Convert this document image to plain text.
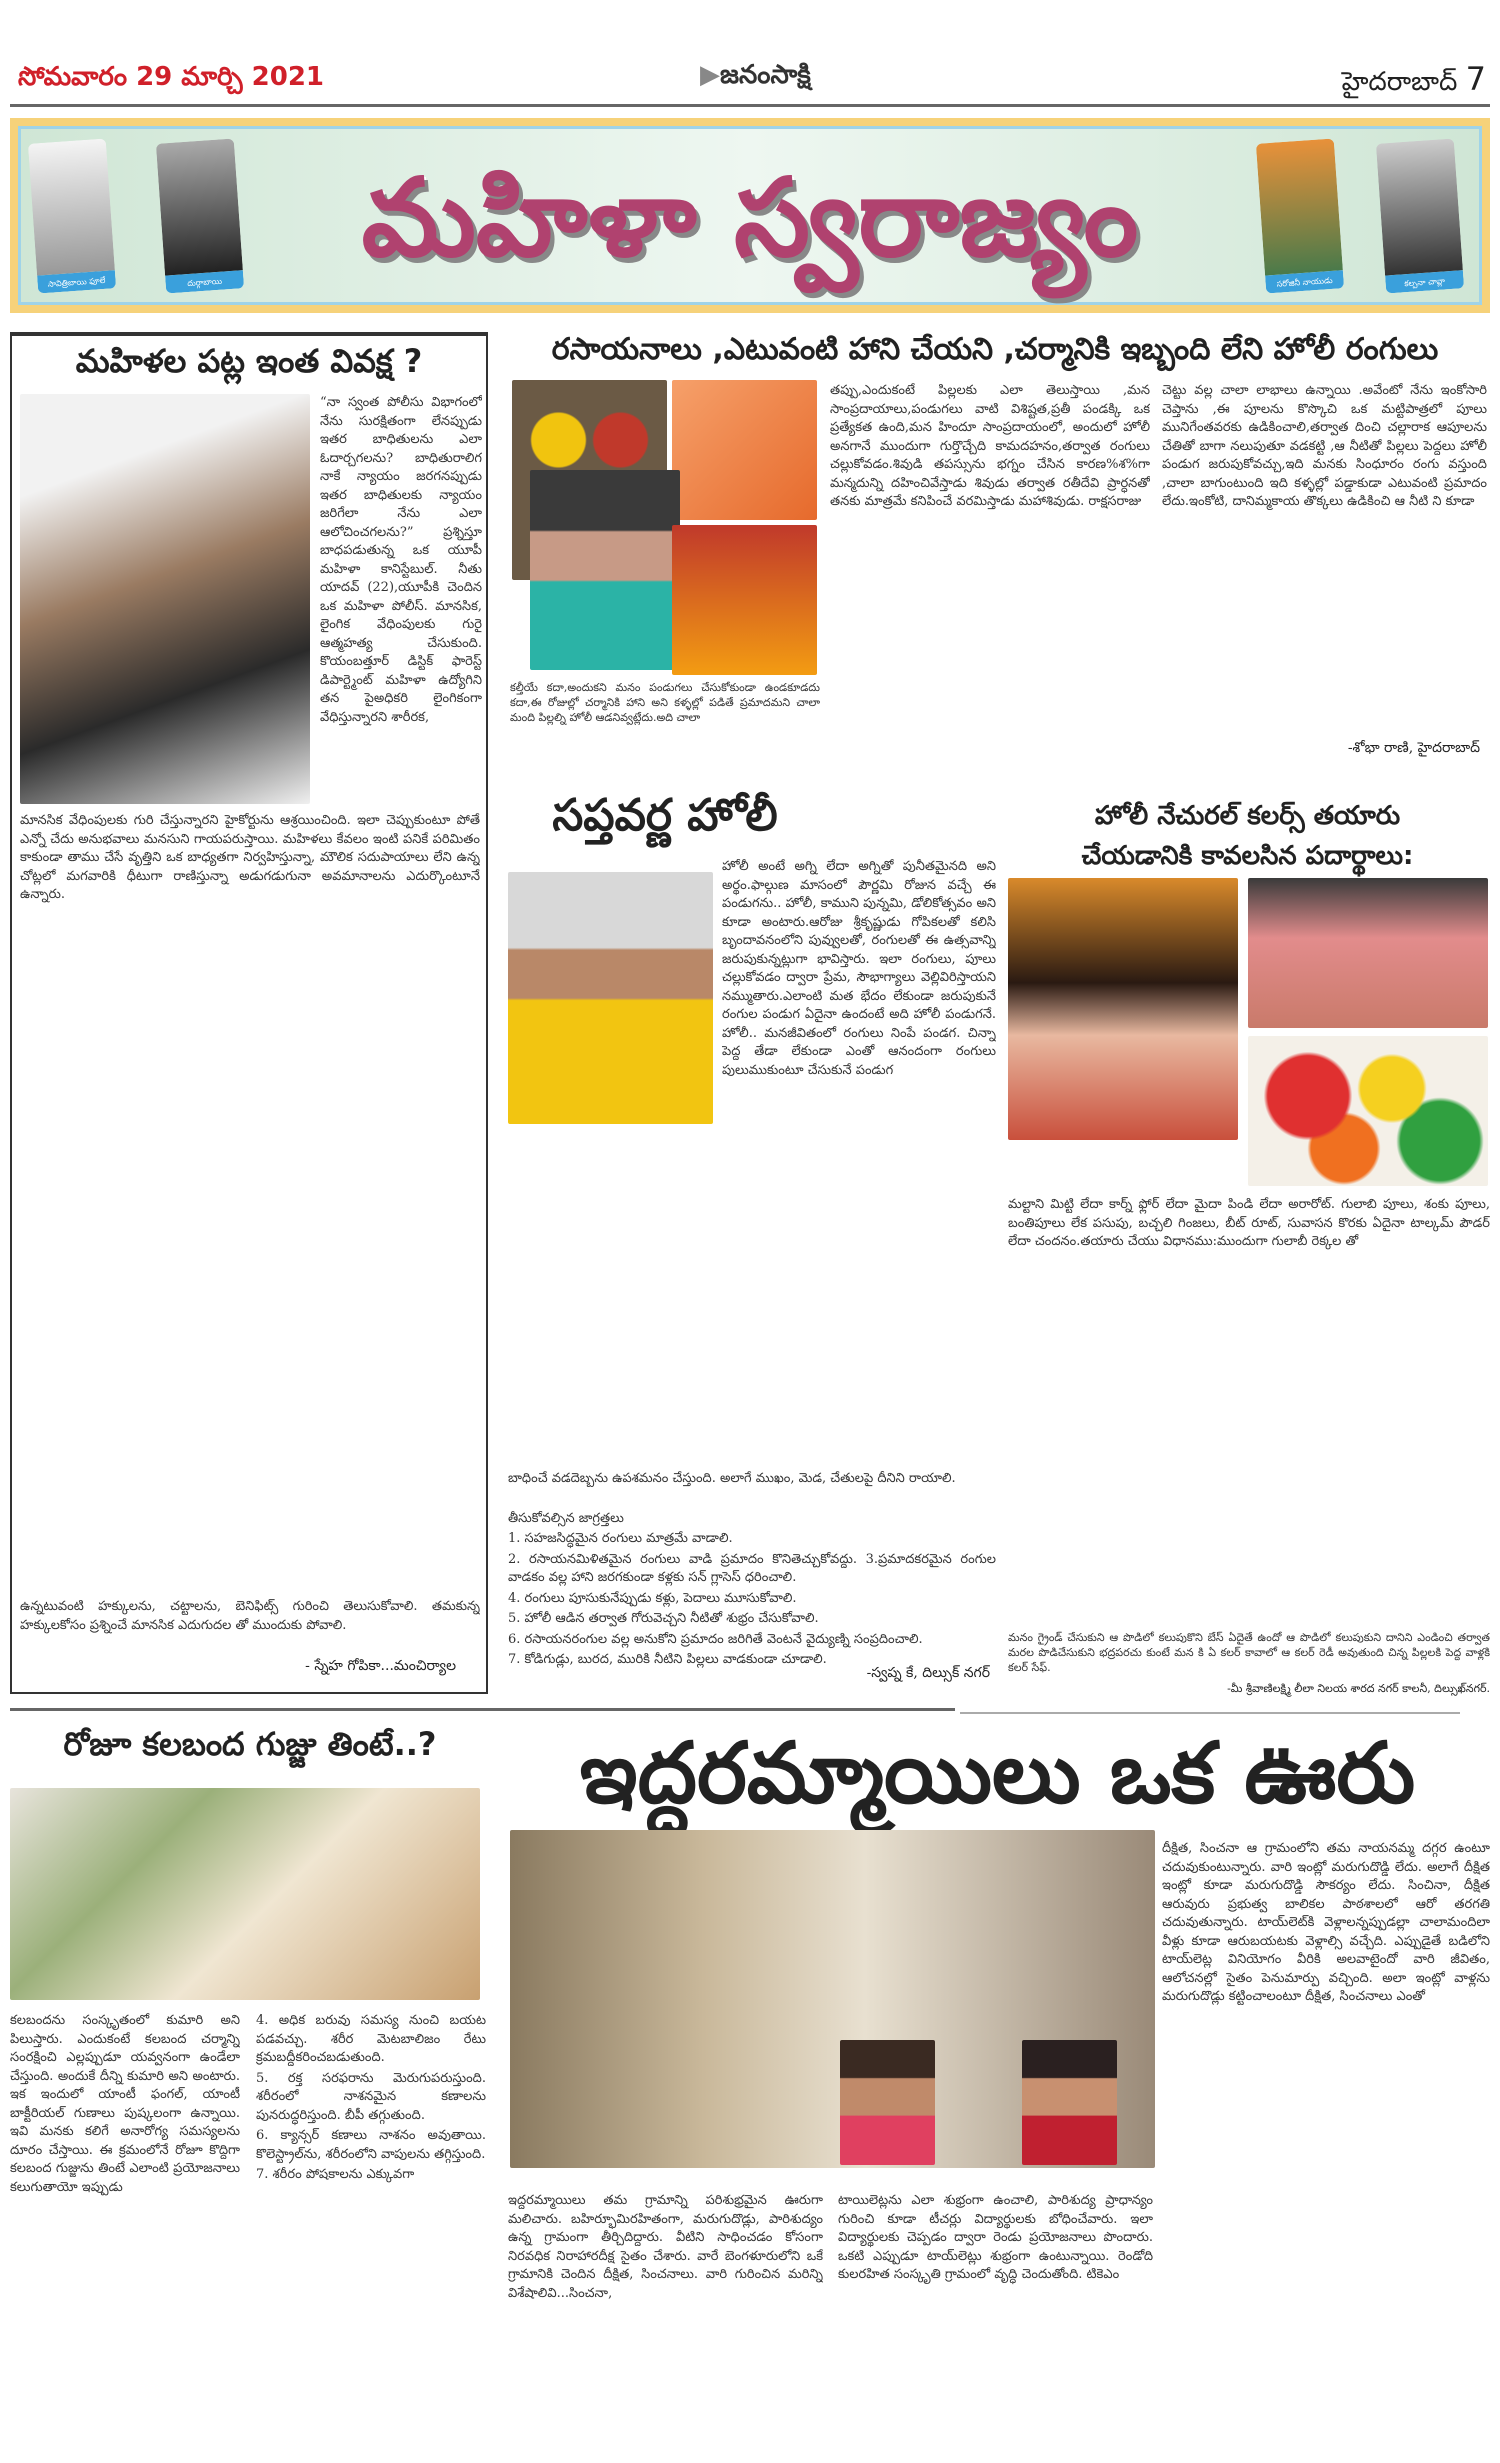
సోమవారం 29 మార్చి 2021	▶జనంసాక్షి	హైదరాబాద్ 7
సావిత్రిబాయి ఫూలే	దుర్గాబాయి
మహిళా స్వరాజ్యం
సరోజినీ నాయుడు	కల్పనా చావ్లా
మహిళల పట్ల ఇంత వివక్ష ?
“నా స్వంత పోలీసు విభాగంలో నేను సురక్షితంగా లేనప్పుడు ఇతర బాధితులను ఎలా ఓదార్చగలను? బాధితురాలిగ నాకే న్యాయం జరగనప్పుడు ఇతర బాధితులకు న్యాయం జరిగేలా నేను ఎలా ఆలోచించగలను?” ప్రశ్నిస్తూ బాధపడుతున్న ఒక యూపీ మహిళా కానిస్టేబుల్. నీతు యాదవ్ (22),యూపీకి చెందిన ఒక మహిళా పోలీస్. మానసిక, లైంగిక వేధింపులకు గురై ఆత్మహత్య చేసుకుంది. కొయంబత్తూర్ డిస్టిక్ ఫారెస్ట్ డిపార్ట్మెంట్ మహిళా ఉద్యోగిని తన పైఅధికరి లైంగికంగా వేధిస్తున్నారని శారీరక,
మానసిక వేధింపులకు గురి చేస్తున్నారని హైకోర్టును ఆశ్రయించింది. ఇలా చెప్పుకుంటూ పోతే ఎన్నో చేదు అనుభవాలు మనసుని గాయపరుస్తాయి. మహిళలు కేవలం ఇంటి పనికే పరిమితం కాకుండా తాము చేసే వృత్తిని ఒక బాధ్యతగా నిర్వహిస్తున్నా, మౌలిక సదుపాయాలు లేని ఉన్న చోట్లలో మగవారికి ధీటుగా రాణిస్తున్నా అడుగడుగునా అవమానాలను ఎదుర్కొంటూనే ఉన్నారు.
ఉన్నటువంటి హక్కులను, చట్టాలను, బెనిఫిట్స్ గురించి తెలుసుకోవాలి. తమకున్న హక్కులకోసం ప్రశ్నించే మానసిక ఎదుగుదల తో ముందుకు పోవాలి.
- స్నేహ గోపికా...మంచిర్యాల
రసాయనాలు ,ఎటువంటి హాని చేయని ,చర్మానికి ఇబ్బంది లేని హోలీ రంగులు
కల్తీయే కదా,అందుకని మనం పండుగలు చేసుకోకుండా ఉండకూడదు కదా,ఈ రోజుల్లో చర్మానికి హాని అని కళ్ళల్లో పడితే ప్రమాదమని చాలా మంది పిల్లల్ని హోలీ ఆడనివ్వట్లేదు.అది చాలా
తప్పు,ఎందుకంటే పిల్లలకు ఎలా తెలుస్తాయి ,మన సాంప్రదాయాలు,పండుగలు వాటి విశిష్టత,ప్రతీ పండక్కి ఒక ప్రత్యేకత ఉంది,మన హిందూ సాంప్రదాయంలో, అందులో హోలీ అనగానే ముందుగా గుర్తొచ్చేది కామదహనం,తర్వాత రంగులు చల్లుకోవడం.శివుడి తపస్సును భగ్నం చేసిన కారణ%శ%గా మన్మదున్ని దహించివేస్తాడు శివుడు తర్వాత రతీదేవి ప్రార్ధనతో తనకు మాత్రమే కనిపించే వరమిస్తాడు మహాశివుడు. రాక్షసరాజు
చెట్టు వల్ల చాలా లాభాలు ఉన్నాయి .అవేంటో నేను ఇంకోసారి చెప్తాను ,ఈ పూలను కొస్కొచి ఒక మట్టిపాత్రలో పూలు మునిగేంతవరకు ఉడికించాలి,తర్వాత దించి చల్లారాక ఆపూలను చేతితో బాగా నలుపుతూ వడకట్టి ,ఆ నీటితో పిల్లలు పెద్దలు హోలీ పండుగ జరుపుకోవచ్చు,ఇది మనకు సింధూరం రంగు వస్తుంది ,చాలా బాగుంటుంది ఇది కళ్ళల్లో పడ్డాకుడా ఎటువంటి ప్రమాదం లేదు.ఇంకోటి, దానిమ్మకాయ తొక్కలు ఉడికించి ఆ నీటి ని కూడా
-శోభా రాణి, హైదరాబాద్
సప్తవర్ణ హోలీ
హోలీ అంటే అగ్ని లేదా అగ్నితో పునీతమైనది అని అర్థం.ఫాల్గుణ మాసంలో పౌర్ణమి రోజున వచ్చే ఈ పండుగను.. హోలీ, కాముని పున్నమి, డోలికోత్సవం అని కూడా అంటారు.ఆరోజు శ్రీకృష్ణుడు గోపికలతో కలిసి బృందావనంలోని పువ్వులతో, రంగులతో ఈ ఉత్సవాన్ని జరుపుకున్నట్లుగా భావిస్తారు. ఇలా రంగులు, పూలు చల్లుకోవడం ద్వారా ప్రేమ, సౌభాగ్యాలు వెల్లివిరిస్తాయని నమ్ముతారు.ఎలాంటి మత భేదం లేకుండా జరుపుకునే రంగుల పండుగ ఏదైనా ఉందంటే అది హోలీ పండుగనే. హోలీ.. మనజీవితంలో రంగులు నింపే పండగ. చిన్నా పెద్ద తేడా లేకుండా ఎంతో ఆనందంగా రంగులు పులుముకుంటూ చేసుకునే పండుగ
బాధించే వడదెబ్బను ఉపశమనం చేస్తుంది. అలాగే ముఖం, మెడ, చేతులపై దీనిని రాయాలి.
తీసుకోవల్సిన జాగ్రత్తలు

1. సహజసిద్ధమైన రంగులు మాత్రమే వాడాలి.

2. రసాయనమిళితమైన రంగులు వాడి ప్రమాదం కొనితెచ్చుకోవద్దు. 3.ప్రమాదకరమైన రంగుల వాడకం వల్ల హాని జరగకుండా కళ్లకు సన్ గ్లాసెస్ ధరించాలి.

4. రంగులు పూసుకునేప్పుడు కళ్లు, పెదాలు మూసుకోవాలి.

5. హోలీ ఆడిన తర్వాత గోరువెచ్చని నీటితో శుభ్రం చేసుకోవాలి.

6. రసాయనరంగుల వల్ల అనుకోని ప్రమాదం జరిగితే వెంటనే వైద్యుణ్ని సంప్రదించాలి.

7. కోడిగుడ్లు, బురద, మురికి నీటిని పిల్లలు వాడకుండా చూడాలి.

-స్వప్న కే, దిల్సుక్ నగర్
హోలీ నేచురల్ కలర్స్ తయారు
చేయడానికి కావలసిన పదార్థాలు:
మల్టాని మిట్టి లేదా కార్న్ ఫ్లోర్ లేదా మైదా పిండి లేదా అరారోట్. గులాబి పూలు, శంకు పూలు, బంతిపూలు లేక పసుపు, బచ్చలి గింజలు, బీట్ రూట్, సువాసన కొరకు ఏదైనా టాల్కమ్ పౌడర్ లేదా చందనం.తయారు చేయు విధానము:ముందుగా గులాబీ రెక్కల తో
మనం గ్రైండ్ చేసుకుని ఆ పొడిలో కలుపుకొని బేస్ ఏదైతే ఉందో ఆ పొడిలో కలుపుకుని దానిని ఎండించి తర్వాత మరల పొడిచేసుకుని భద్రపరచు కుంటే మన కి ఏ కలర్ కావాలో ఆ కలర్ రెడీ అవుతుంది చిన్న పిల్లలకి పెద్ద వాళ్లకి కలర్ సేఫ్.
-మీ శ్రీవాణిలక్ష్మి లీలా నిలయ శారద నగర్ కాలనీ, దిల్సుఖ్‌నగర్.
రోజూ కలబంద గుజ్జు తింటే..?
కలబందను సంస్కృతంలో కుమారి అని పిలుస్తారు. ఎందుకంటే కలబంద చర్మాన్ని సంరక్షించి ఎల్లప్పుడూ యవ్వనంగా ఉండేలా చేస్తుంది. అందుకే దీన్ని కుమారి అని అంటారు. ఇక ఇందులో యాంటీ ఫంగల్, యాంటీ బాక్టీరియల్ గుణాలు పుష్కలంగా ఉన్నాయి. ఇవి మనకు కలిగే అనారోగ్య సమస్యలను దూరం చేస్తాయి. ఈ క్రమంలోనే రోజూ కొద్దిగా కలబంద గుజ్జును తింటే ఎలాంటి ప్రయోజనాలు కలుగుతాయో ఇప్పుడు

4. అధిక బరువు సమస్య నుంచి బయట పడవచ్చు. శరీర మెటబాలిజం రేటు క్రమబద్దీకరించబడుతుంది.

5. రక్త సరఫరాను మెరుగుపరుస్తుంది. శరీరంలో నాశనమైన కణాలను పునరుద్ధరిస్తుంది. బీపీ తగ్గుతుంది.

6. క్యాన్సర్ కణాలు నాశనం అవుతాయి. కొలెస్ట్రాల్‌ను, శరీరంలోని వాపులను తగ్గిస్తుంది.

7. శరీరం పోషకాలను ఎక్కువగా

ఇద్దరమ్మాయిలు ఒక ఊరు
ఇద్దరమ్మాయిలు తమ గ్రామాన్ని పరిశుభ్రమైన ఊరుగా మలిచారు. బహిర్భూమిరహితంగా, మరుగుదొడ్లు, పారిశుద్యం ఉన్న గ్రామంగా తీర్చిదిద్దారు. వీటిని సాధించడం కోసంగా నిరవధిక నిరాహారదీక్ష సైతం చేశారు. వారే బెంగళూరులోని ఒకే గ్రామానికి చెందిన దీక్షిత, సించనాలు. వారి గురించిన మరిన్ని విశేషాలివి...సించనా,
టాయిలెట్లను ఎలా శుభ్రంగా ఉంచాలి, పారిశుద్య ప్రాధాన్యం గురించి కూడా టీచర్లు విద్యార్థులకు బోధించేవారు. ఇలా విద్యార్థులకు చెప్పడం ద్వారా రెండు ప్రయోజనాలు పొందారు. ఒకటి ఎప్పుడూ టాయ్‌లెట్లు శుభ్రంగా ఉంటున్నాయి. రెండోది కులరహిత సంస్కృతి గ్రామంలో వృద్ధి చెందుతోంది. టికెఎం
దీక్షిత, సించనా ఆ గ్రామంలోని తమ నాయనమ్మ దగ్గర ఉంటూ చదువుకుంటున్నారు. వారి ఇంట్లో మరుగుదొడ్డి లేదు. అలాగే దీక్షిత ఇంట్లో కూడా మరుగుదొడ్డి సౌకర్యం లేదు. సించినా, దీక్షిత ఆరువురు ప్రభుత్వ బాలికల పాఠశాలలో ఆరో తరగతి చదువుతున్నారు. టాయ్‌లెట్‌కి వెళ్లాలన్నప్పుడల్లా చాలామందిలా వీళ్లు కూడా ఆరుబయటకు వెళ్లాల్సి వచ్చేది. ఎప్పుడైతే బడిలోని టాయ్‌లెట్ల వినియోగం వీరికి అలవాటైందో వారి జీవితం, ఆలోచనల్లో సైతం పెనుమార్పు వచ్చింది. అలా ఇంట్లో వాళ్లను మరుగుదొడ్లు కట్టించాలంటూ దీక్షిత, సించనాలు ఎంతో
